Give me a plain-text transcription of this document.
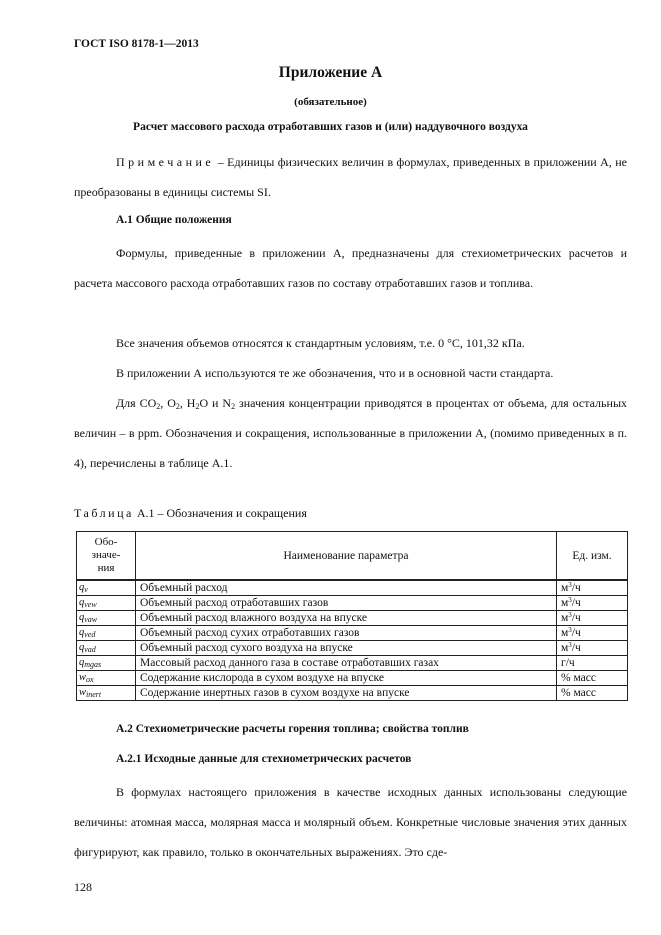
ГОСТ ISO 8178-1—2013
Приложение А
(обязательное)
Расчет массового расхода отработавших газов и (или) наддувочного воздуха

Примечание – Единицы физических величин в формулах, приведенных в приложении А, не преобразованы в единицы системы SI.

А.1 Общие положения

Формулы, приведенные в приложении А, предназначены для стехиометрических расчетов и расчета массового расхода отработавших газов по составу отработавших газов и топлива.

Все значения объемов относятся к стандартным условиям, т.е. 0 °С, 101,32 кПа.

В приложении А используются те же обозначения, что и в основной части стандарта.

Для $CO_2$, $O_2$, $H_2O$ и $N_2$ значения концентрации приводятся в процентах от объема, для остальных величин – в ppm. Обозначения и сокращения, использованные в приложении А, (помимо приведенных в п. 4), перечислены в таблице А.1.

Таблица А.1 – Обозначения и сокращения
Обо-
значе-
ния	Наименование параметра	Ед. изм.
$q_v$	Объемный расход	$м^3/ч$
$q_{vew}$	Объемный расход отработавших газов	$м^3/ч$
$q_{vaw}$	Объемный расход влажного воздуха на впуске	$м^3/ч$
$q_{ved}$	Объемный расход сухих отработавших газов	$м^3/ч$
$q_{vad}$	Объемный расход сухого воздуха на впуске	$м^3/ч$
$q_{mgas}$	Массовый расход данного газа в составе отработавших газах	г/ч
$w_{ox}$	Содержание кислорода в сухом воздухе на впуске	% масс
$w_{inert}$	Содержание инертных газов в сухом воздухе на впуске	% масс
А.2 Стехиометрические расчеты горения топлива; свойства топлив
А.2.1 Исходные данные для стехиометрических расчетов

В формулах настоящего приложения в качестве исходных данных использованы следующие величины: атомная масса, молярная масса и молярный объем. Конкретные числовые значения этих данных фигурируют, как правило, только в окончательных выражениях. Это сде-

128
